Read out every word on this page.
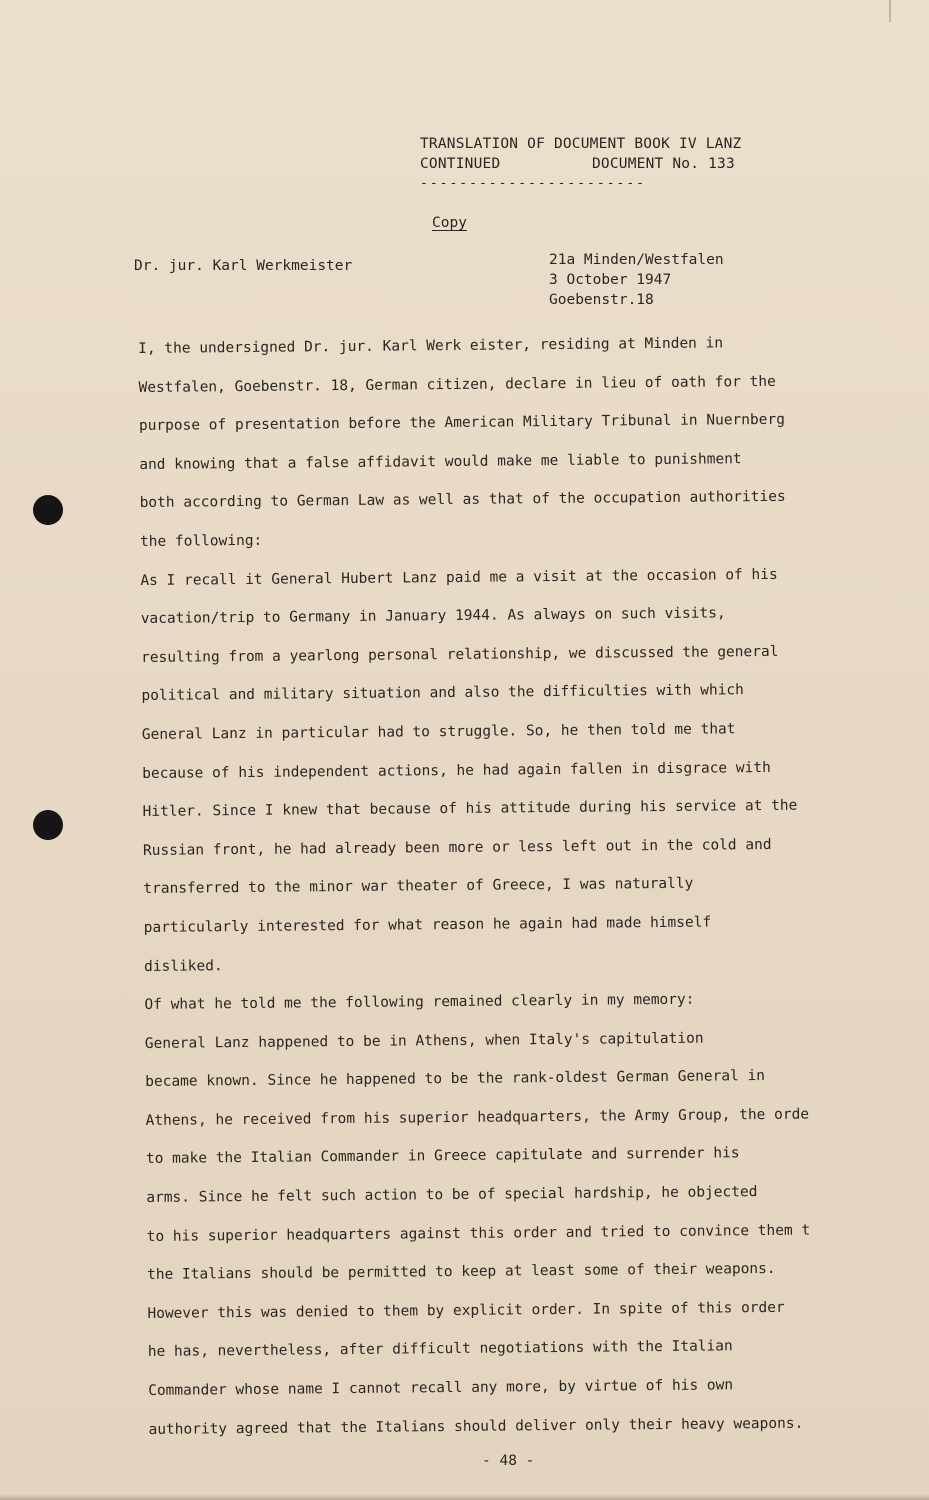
TRANSLATION OF DOCUMENT BOOK IV LANZ
CONTINUED	DOCUMENT No. 133
-----------------------
Copy
Dr. jur. Karl Werkmeister	21a Minden/Westfalen
3 October 1947
Goebenstr.18
I, the undersigned Dr. jur. Karl Werk eister, residing at Minden in
Westfalen, Goebenstr. 18, German citizen, declare in lieu of oath for the
purpose of presentation before the American Military Tribunal in Nuernberg
and knowing that a false affidavit would make me liable to punishment
both according to German Law as well as that of the occupation authorities
the following:
As I recall it General Hubert Lanz paid me a visit at the occasion of his
vacation/trip to Germany in January 1944. As always on such visits,
resulting from a yearlong personal relationship, we discussed the general
political and military situation and also the difficulties with which
General Lanz in particular had to struggle. So, he then told me that
because of his independent actions, he had again fallen in disgrace with
Hitler. Since I knew that because of his attitude during his service at the
Russian front, he had already been more or less left out in the cold and
transferred to the minor war theater of Greece, I was naturally
particularly interested for what reason he again had made himself
disliked.
Of what he told me the following remained clearly in my memory:
General Lanz happened to be in Athens, when Italy's capitulation
became known. Since he happened to be the rank-oldest German General in
Athens, he received from his superior headquarters, the Army Group, the orde
to make the Italian Commander in Greece capitulate and surrender his
arms. Since he felt such action to be of special hardship, he objected
to his superior headquarters against this order and tried to convince them t
the Italians should be permitted to keep at least some of their weapons.
However this was denied to them by explicit order. In spite of this order
he has, nevertheless, after difficult negotiations with the Italian
Commander whose name I cannot recall any more, by virtue of his own
authority agreed that the Italians should deliver only their heavy weapons.
- 48 -
